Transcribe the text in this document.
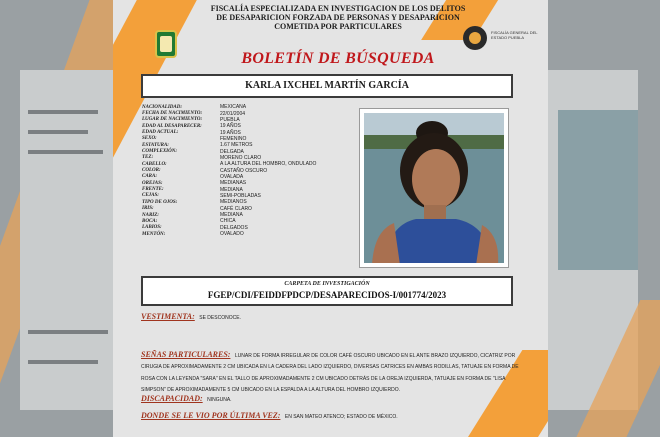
FISCALÍA GENERAL DEL ESTADO PUEBLA
FISCALÍA ESPECIALIZADA EN INVESTIGACION DE LOS DELITOS
DE DESAPARICION FORZADA DE PERSONAS Y DESAPARICION
COMETIDA POR PARTICULARES
BOLETÍN DE BÚSQUEDA
KARLA IXCHEL MARTÍN GARCÍA
NACIONALIDAD:	MEXICANA
FECHA DE NACIMIENTO:	22/01/2004
LUGAR DE NACIMIENTO:	PUEBLA
EDAD AL DESAPARECER:	19 AÑOS
EDAD ACTUAL:	19 AÑOS
SEXO:	FEMENINO
ESTATURA:	1.67 METROS
COMPLEXIÓN:	DELGADA
TEZ:	MORENO CLARO
CABELLO:	A LA ALTURA DEL HOMBRO, ONDULADO
COLOR:	CASTAÑO OSCURO
CARA:	OVALADA
OREJAS:	MEDIANAS
FRENTE:	MEDIANA
CEJAS:	SEMI-POBLADAS
TIPO DE OJOS:	MEDIANOS
IRIS:	CAFÉ CLARO
NARIZ:	MEDIANA
BOCA:	CHICA
LABIOS:	DELGADOS
MENTÓN:	OVALADO
CARPETA DE INVESTIGACIÓN
FGEP/CDI/FEIDDFPDCP/DESAPARECIDOS-I/001774/2023
VESTIMENTA: SE DESCONOCE.
SEÑAS PARTICULARES: LUNAR DE FORMA IRREGULAR DE COLOR CAFÉ OSCURO UBICADO EN EL ANTE BRAZO IZQUIERDO, CICATRIZ POR CIRUGIA DE APROXIMADAMENTE 2 CM UBICADA EN LA CADERA DEL LADO IZQUIERDO, DIVERSAS CATRICES EN AMBAS RODILLAS, TATUAJE EN FORMA DE ROSA CON LA LEYENDA "SARA" EN EL TALLO DE APROXIMADAMENTE 2 CM UBICADO DETRÁS DE LA OREJA IZQUIERDA, TATUAJE EN FORMA DE "LISA SIMPSON" DE APROXIMADAMENTE 5 CM UBICADO EN LA ESPALDA A LA ALTURA DEL HOMBRO IZQUIERDO.
DISCAPACIDAD: NINGUNA.
DONDE SE LE VIO POR ÚLTIMA VEZ: EN SAN MATEO ATENCO; ESTADO DE MÉXICO.
